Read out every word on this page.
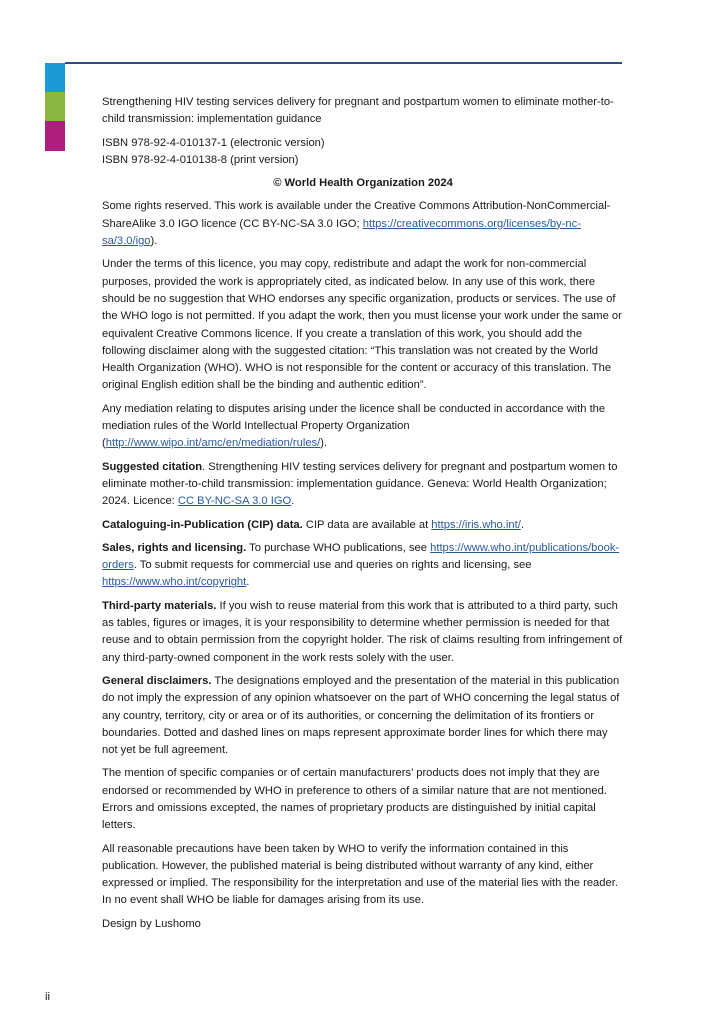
Strengthening HIV testing services delivery for pregnant and postpartum women to eliminate mother-to-child transmission: implementation guidance

ISBN 978-92-4-010137-1 (electronic version)

ISBN 978-92-4-010138-8 (print version)

© World Health Organization 2024

Some rights reserved. This work is available under the Creative Commons Attribution-NonCommercial-ShareAlike 3.0 IGO licence (CC BY-NC-SA 3.0 IGO; https://creativecommons.org/licenses/by-nc-sa/3.0/igo).

Under the terms of this licence, you may copy, redistribute and adapt the work for non-commercial purposes, provided the work is appropriately cited, as indicated below. In any use of this work, there should be no suggestion that WHO endorses any specific organization, products or services. The use of the WHO logo is not permitted. If you adapt the work, then you must license your work under the same or equivalent Creative Commons licence. If you create a translation of this work, you should add the following disclaimer along with the suggested citation: “This translation was not created by the World Health Organization (WHO). WHO is not responsible for the content or accuracy of this translation. The original English edition shall be the binding and authentic edition”.

Any mediation relating to disputes arising under the licence shall be conducted in accordance with the mediation rules of the World Intellectual Property Organization (http://www.wipo.int/amc/en/mediation/rules/).

Suggested citation. Strengthening HIV testing services delivery for pregnant and postpartum women to eliminate mother-to-child transmission: implementation guidance. Geneva: World Health Organization; 2024. Licence: CC BY-NC-SA 3.0 IGO.

Cataloguing-in-Publication (CIP) data. CIP data are available at https://iris.who.int/.

Sales, rights and licensing. To purchase WHO publications, see https://www.who.int/publications/book-orders. To submit requests for commercial use and queries on rights and licensing, see https://www.who.int/copyright.

Third-party materials. If you wish to reuse material from this work that is attributed to a third party, such as tables, figures or images, it is your responsibility to determine whether permission is needed for that reuse and to obtain permission from the copyright holder. The risk of claims resulting from infringement of any third-party-owned component in the work rests solely with the user.

General disclaimers. The designations employed and the presentation of the material in this publication do not imply the expression of any opinion whatsoever on the part of WHO concerning the legal status of any country, territory, city or area or of its authorities, or concerning the delimitation of its frontiers or boundaries. Dotted and dashed lines on maps represent approximate border lines for which there may not yet be full agreement.

The mention of specific companies or of certain manufacturers’ products does not imply that they are endorsed or recommended by WHO in preference to others of a similar nature that are not mentioned. Errors and omissions excepted, the names of proprietary products are distinguished by initial capital letters.

All reasonable precautions have been taken by WHO to verify the information contained in this publication. However, the published material is being distributed without warranty of any kind, either expressed or implied. The responsibility for the interpretation and use of the material lies with the reader. In no event shall WHO be liable for damages arising from its use.

Design by Lushomo

ii
